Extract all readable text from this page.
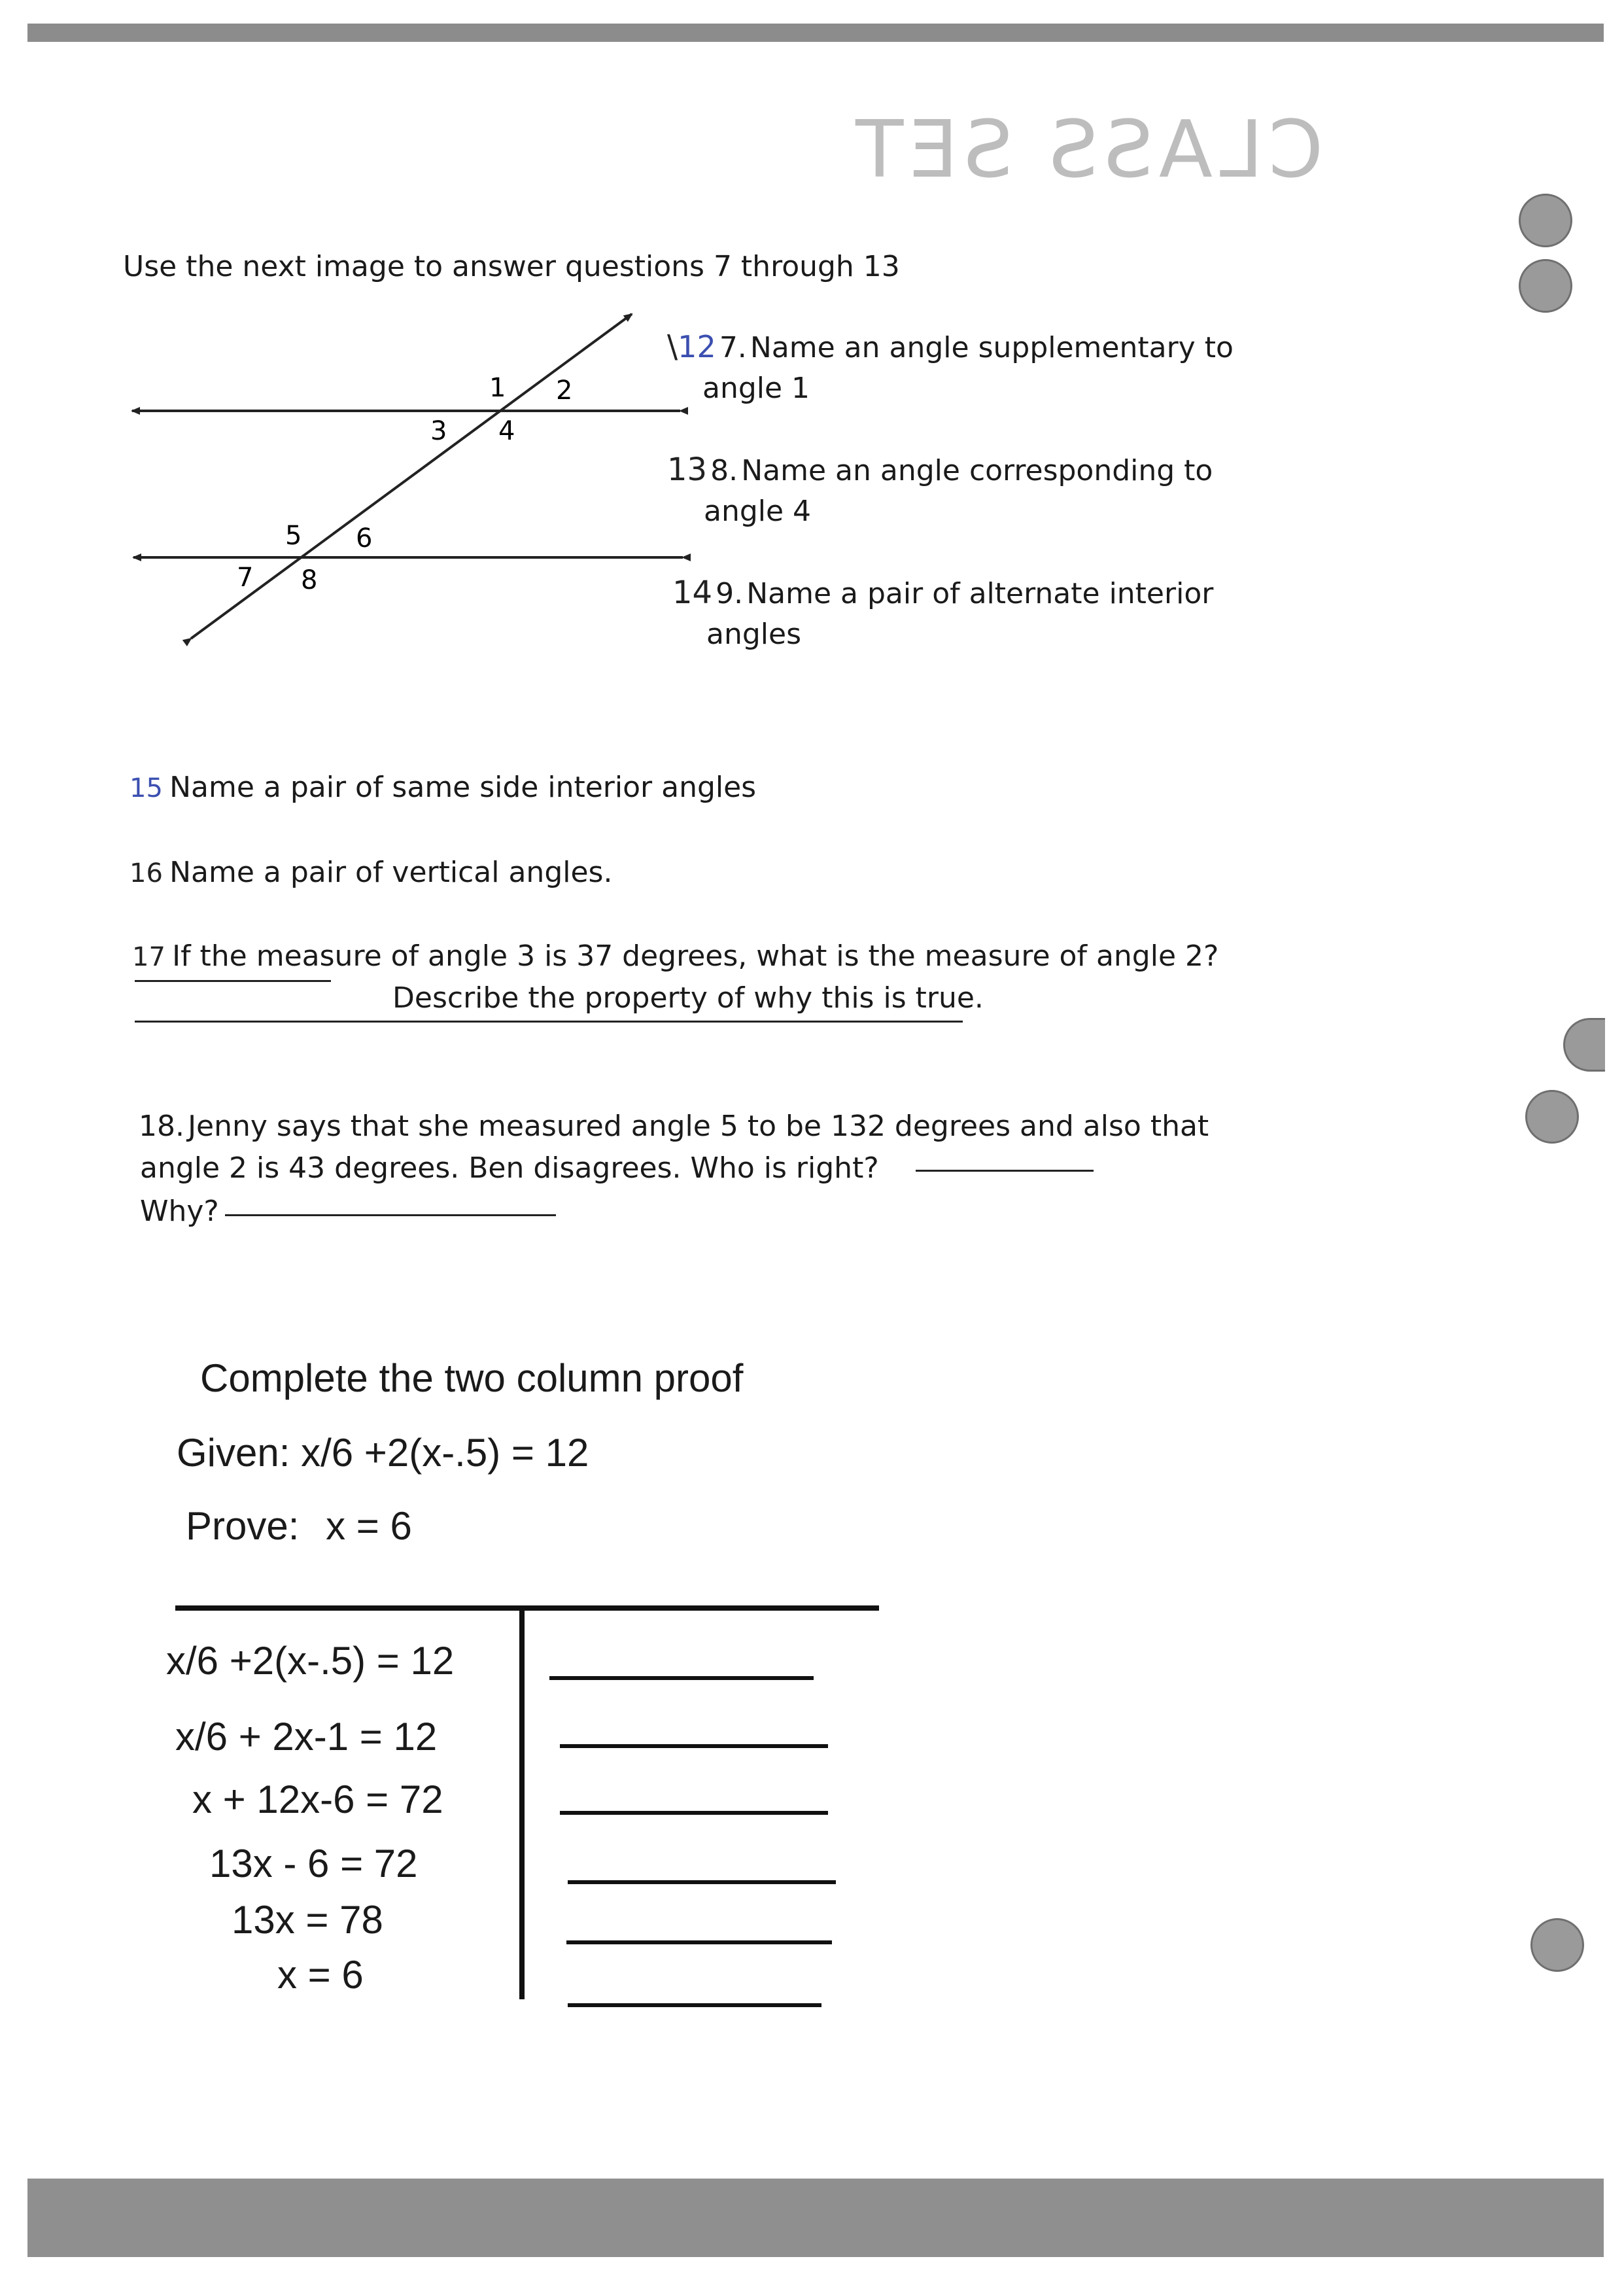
CLASS SET
Use the next image to answer questions 7 through 13
1 2
3 4
5 6
7 8
\12 7. Name an angle supplementary to
angle 1
13 8. Name an angle corresponding to
angle 4
14 9. Name a pair of alternate interior
angles
15 Name a pair of same side interior angles
16 Name a pair of vertical angles.
17 If the measure of angle 3 is 37 degrees, what is the measure of angle 2?
Describe the property of why this is true.
18. Jenny says that she measured angle 5 to be 132 degrees and also that
angle 2 is 43 degrees. Ben disagrees. Who is right?
Why?
Complete the two column proof
Given: x/6 +2(x-.5) = 12
Prove: x = 6
x/6 +2(x-.5) = 12
x/6 + 2x-1 = 12
x + 12x-6 = 72
13x - 6 = 72
13x = 78
x = 6
